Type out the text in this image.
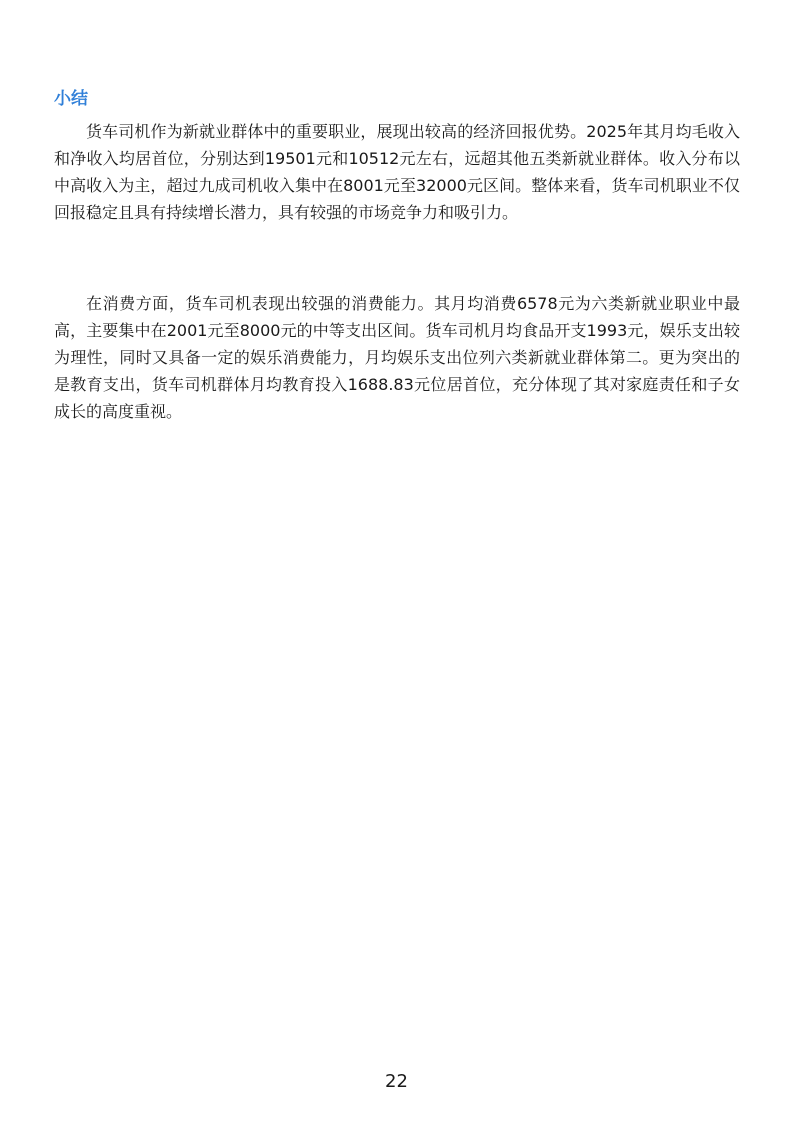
小结

货车司机作为新就业群体中的重要职业，展现出较高的经济回报优势。2025年其月均毛收入和净收入均居首位，分别达到19501元和10512元左右，远超其他五类新就业群体。收入分布以中高收入为主，超过九成司机收入集中在8001元至32000元区间。整体来看，货车司机职业不仅回报稳定且具有持续增长潜力，具有较强的市场竞争力和吸引力。

在消费方面，货车司机表现出较强的消费能力。其月均消费6578元为六类新就业职业中最高，主要集中在2001元至8000元的中等支出区间。货车司机月均食品开支1993元，娱乐支出较为理性，同时又具备一定的娱乐消费能力，月均娱乐支出位列六类新就业群体第二。更为突出的是教育支出，货车司机群体月均教育投入1688.83元位居首位，充分体现了其对家庭责任和子女成长的高度重视。

22
